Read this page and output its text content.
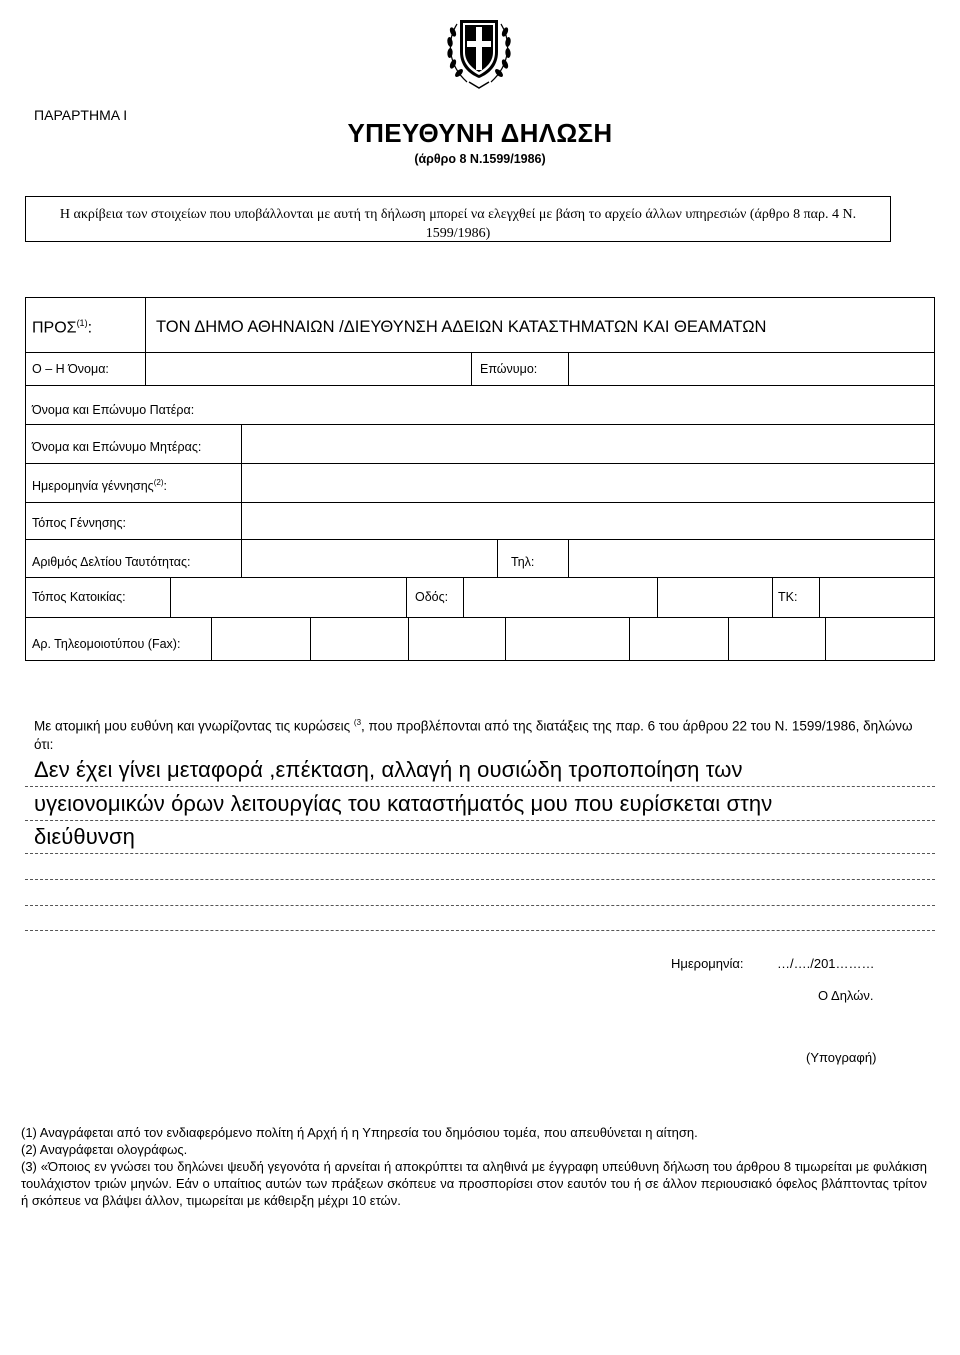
ΠΑΡΑΡΤΗΜΑ Ι
ΥΠΕΥΘΥΝΗ ΔΗΛΩΣΗ
(άρθρο 8 Ν.1599/1986)
Η ακρίβεια των στοιχείων που υποβάλλονται με αυτή τη δήλωση μπορεί να ελεγχθεί με βάση το αρχείο άλλων υπηρεσιών (άρθρο 8 παρ. 4 Ν. 1599/1986)
ΠΡΟΣ$^{(1)}$:	ΤΟΝ ΔΗΜΟ ΑΘΗΝΑΙΩΝ /ΔΙΕΥΘΥΝΣΗ ΑΔΕΙΩΝ ΚΑΤΑΣΤΗΜΑΤΩΝ ΚΑΙ ΘΕΑΜΑΤΩΝ
Ο – Η Όνομα:	Επώνυμο:
Όνομα και Επώνυμο Πατέρα:
Όνομα και Επώνυμο Μητέρας:
Ημερομηνία γέννησης$^{(2)}$:
Τόπος Γέννησης:
Αριθμός Δελτίου Ταυτότητας:	Τηλ:
Τόπος Κατοικίας:	Οδός:	ΤΚ:
Αρ. Τηλεομοιοτύπου (Fax):
Με ατομική μου ευθύνη και γνωρίζοντας τις κυρώσεις $^{(3}$, που προβλέπονται από της διατάξεις της παρ. 6 του άρθρου 22 του Ν. 1599/1986, δηλώνω ότι:
Δεν έχει γίνει μεταφορά ,επέκταση, αλλαγή η ουσιώδη τροποποίηση των
υγειονομικών όρων λειτουργίας του καταστήματός μου που ευρίσκεται στην
διεύθυνση
Ημερομηνία:	…/…./201………
Ο Δηλών.
(Υπογραφή)
(1) Αναγράφεται από τον ενδιαφερόμενο πολίτη ή Αρχή ή η Υπηρεσία του δημόσιου τομέα, που απευθύνεται η αίτηση.
(2) Αναγράφεται ολογράφως.
(3) «Όποιος εν γνώσει του δηλώνει ψευδή γεγονότα ή αρνείται ή αποκρύπτει τα αληθινά με έγγραφη υπεύθυνη δήλωση του άρθρου 8 τιμωρείται με φυλάκιση τουλάχιστον τριών μηνών. Εάν ο υπαίτιος αυτών των πράξεων σκόπευε να προσπορίσει στον εαυτόν του ή σε άλλον περιουσιακό όφελος βλάπτοντας τρίτον ή σκόπευε να βλάψει άλλον, τιμωρείται με κάθειρξη μέχρι 10 ετών.
